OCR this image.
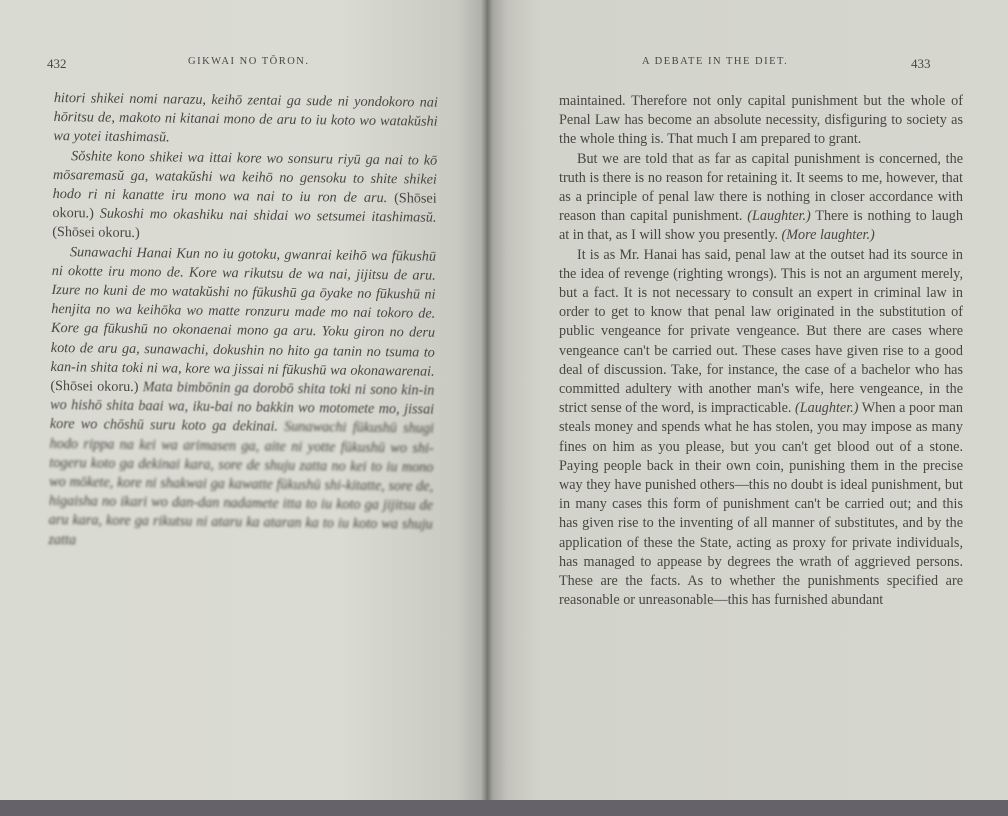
432	GIKWAI NO TŌRON.

hitori shikei nomi narazu, keihō zentai ga sude ni yondokoro nai hōritsu de, makoto ni kitanai mono de aru to iu koto wo watakŭshi wa yotei itashimasŭ.

Sŏshite kono shikei wa ittai kore wo sonsuru riyū ga nai to kō mōsaremasŭ ga, watakŭshi wa keihō no gensoku to shite shikei hodo ri ni kanatte iru mono wa nai to iu ron de aru. (Shōsei okoru.) Sukoshi mo okashiku nai shidai wo setsumei itashimasŭ. (Shōsei okoru.)

Sunawachi Hanai Kun no iu gotoku, gwanrai keihō wa fūkushū ni okotte iru mono de. Kore wa rikutsu de wa nai, jijitsu de aru. Izure no kuni de mo watakŭshi no fūkushū ga ōyake no fūkushū ni henjita no wa keihōka wo matte ronzuru made mo nai tokoro de. Kore ga fūkushū no okonaenai mono ga aru. Yoku giron no deru koto de aru ga, sunawachi, dokushin no hito ga tanin no tsuma to kan-in shita toki ni wa, kore wa jissai ni fūkushū wa okonawarenai. (Shōsei okoru.) Mata bimbōnin ga dorobō shita toki ni sono kin-in wo hishō shita baai wa, iku-bai no bakkin wo motomete mo, jissai kore wo chōshū suru koto ga dekinai. Sunawachi fūkushū shugi hodo rippa na kei wa arimasen ga, aite ni yotte fūkushū wo shi-togeru koto ga dekinai kara, sore de shuju zatta no kei to iu mono wo mōkete, kore ni shakwai ga kawatte fūkushū shi-kitatte, sore de, higaisha no ikari wo dan-dan nadamete itta to iu koto ga jijitsu de aru kara, kore ga rikutsu ni ataru ka ataran ka to iu koto wa shuju zatta

A DEBATE IN THE DIET.	433

maintained. Therefore not only capital punishment but the whole of Penal Law has become an absolute necessity, disfiguring to society as the whole thing is. That much I am prepared to grant.

But we are told that as far as capital punishment is concerned, the truth is there is no reason for retaining it. It seems to me, however, that as a principle of penal law there is nothing in closer accordance with reason than capital punishment. (Laughter.) There is nothing to laugh at in that, as I will show you presently. (More laughter.)

It is as Mr. Hanai has said, penal law at the outset had its source in the idea of revenge (righting wrongs). This is not an argument merely, but a fact. It is not necessary to consult an expert in criminal law in order to get to know that penal law originated in the substitution of public vengeance for private vengeance. But there are cases where vengeance can't be carried out. These cases have given rise to a good deal of discussion. Take, for instance, the case of a bachelor who has committed adultery with another man's wife, here vengeance, in the strict sense of the word, is impracticable. (Laughter.) When a poor man steals money and spends what he has stolen, you may impose as many fines on him as you please, but you can't get blood out of a stone. Paying people back in their own coin, punishing them in the precise way they have punished others—this no doubt is ideal punishment, but in many cases this form of punishment can't be carried out; and this has given rise to the inventing of all manner of substitutes, and by the application of these the State, acting as proxy for private individuals, has managed to appease by degrees the wrath of aggrieved persons. These are the facts. As to whether the punishments specified are reasonable or unreasonable—this has furnished abundant
